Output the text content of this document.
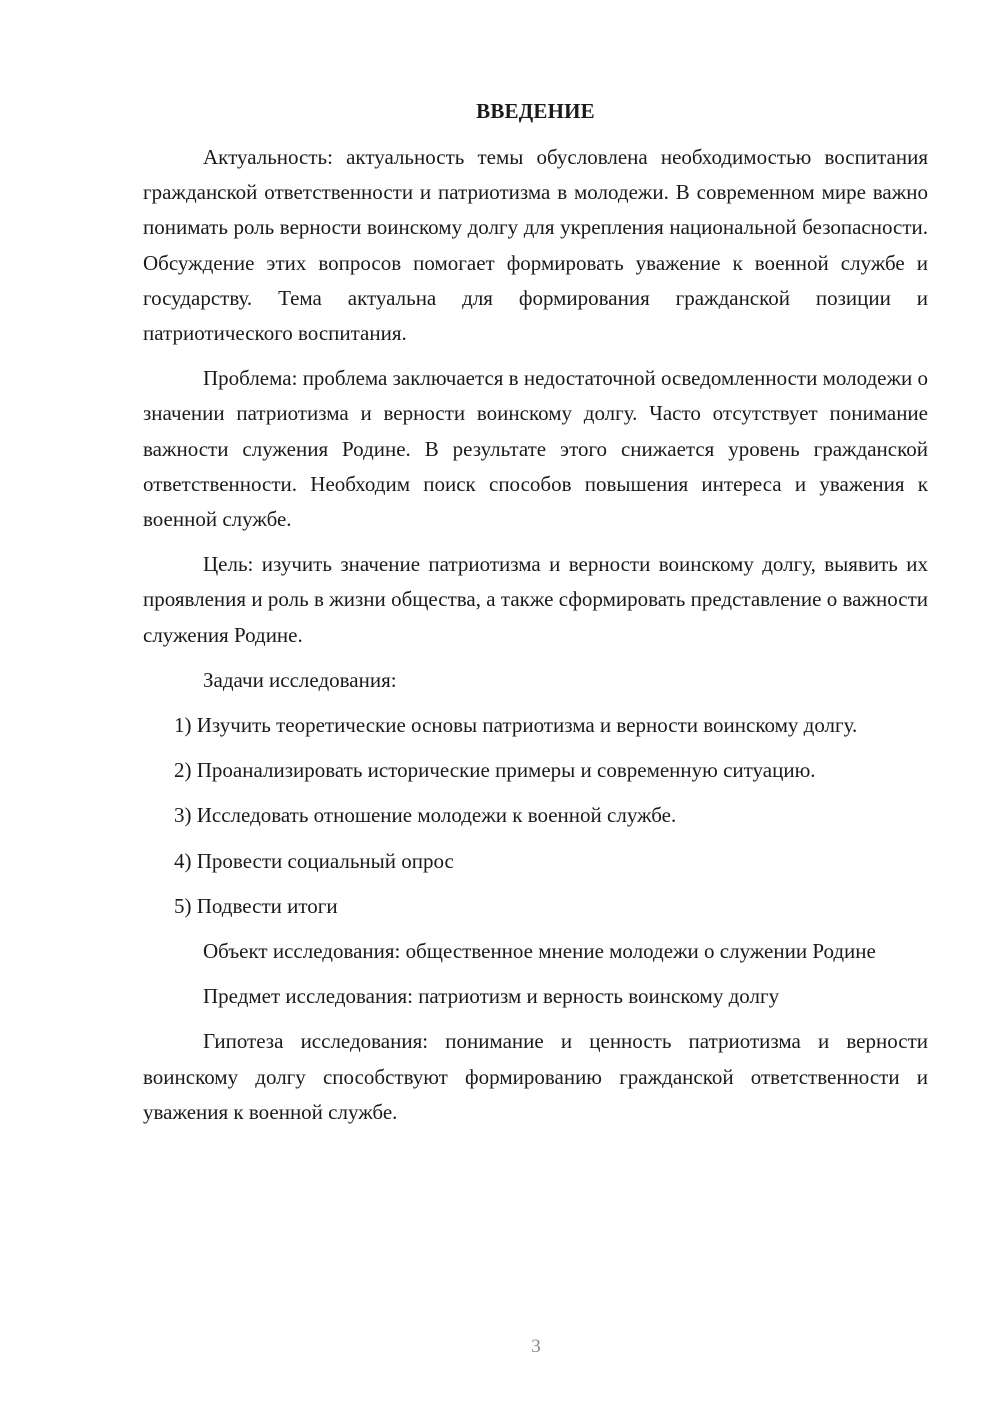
ВВЕДЕНИЕ

Актуальность: актуальность темы обусловлена необходимостью воспитания гражданской ответственности и патриотизма в молодежи. В современном мире важно понимать роль верности воинскому долгу для укрепления национальной безопасности. Обсуждение этих вопросов помогает формировать уважение к военной службе и государству. Тема актуальна для формирования гражданской позиции и патриотического воспитания.

Проблема: проблема заключается в недостаточной осведомленности молодежи о значении патриотизма и верности воинскому долгу. Часто отсутствует понимание важности служения Родине. В результате этого снижается уровень гражданской ответственности. Необходим поиск способов повышения интереса и уважения к военной службе.

Цель: изучить значение патриотизма и верности воинскому долгу, выявить их проявления и роль в жизни общества, а также сформировать представление о важности служения Родине.

Задачи исследования:

1) Изучить теоретические основы патриотизма и верности воинскому долгу.

2) Проанализировать исторические примеры и современную ситуацию.

3) Исследовать отношение молодежи к военной службе.

4) Провести социальный опрос

5) Подвести итоги

Объект исследования: общественное мнение молодежи о служении Родине

Предмет исследования: патриотизм и верность воинскому долгу

Гипотеза исследования: понимание и ценность патриотизма и верности воинскому долгу способствуют формированию гражданской ответственности и уважения к военной службе.

3
